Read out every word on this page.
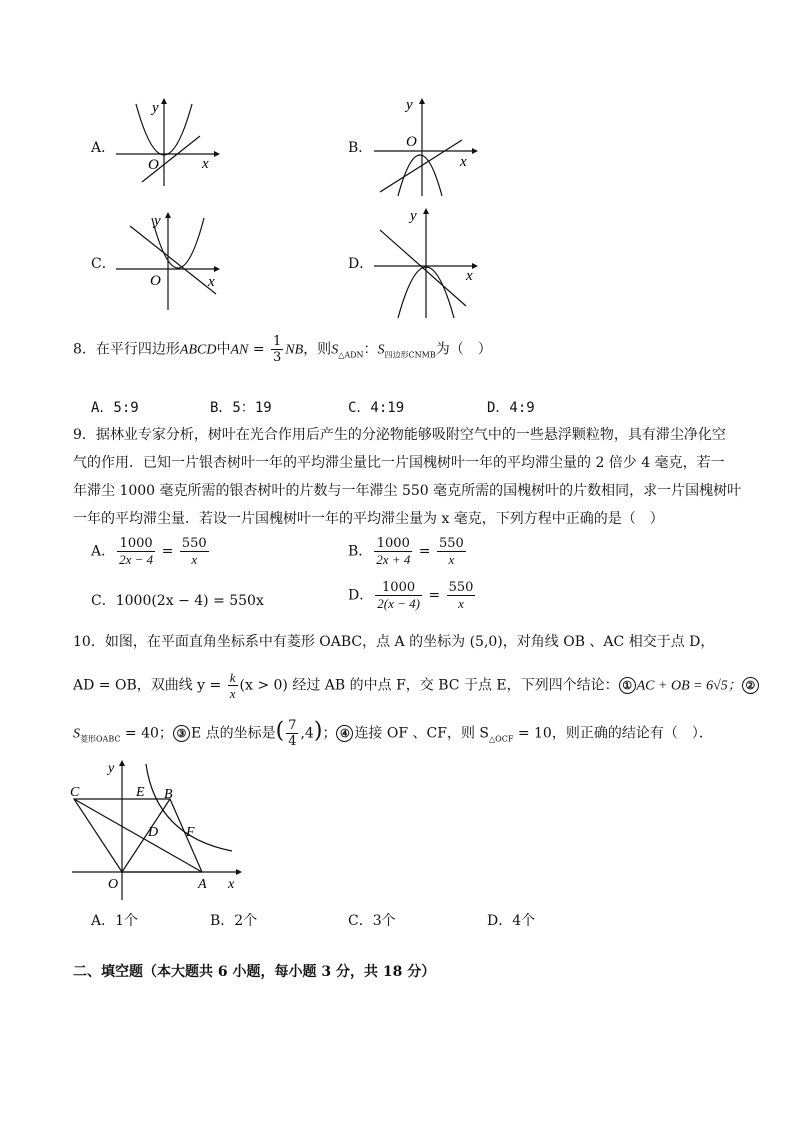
A．
y
x
O
B．
y
x
O
C．
y
x
O
D．
y
x
8．在平行四边形ABCD中AN = $\frac{1}{3}$ NB，则$S_{\triangle ADN}$：$S_{四边形CNMB}$为（　）
A．5:9	B．5：19	C．4:19	D．4:9
9．据林业专家分析，树叶在光合作用后产生的分泌物能够吸附空气中的一些悬浮颗粒物，具有滞尘净化空
气的作用．已知一片银杏树叶一年的平均滞尘量比一片国槐树叶一年的平均滞尘量的 2 倍少 4 毫克，若一
年滞尘 1000 毫克所需的银杏树叶的片数与一年滞尘 550 毫克所需的国槐树叶的片数相同，求一片国槐树叶
一年的平均滞尘量．若设一片国槐树叶一年的平均滞尘量为 x 毫克，下列方程中正确的是（　）
A． $\frac{1000}{2x - 4} = \frac{550}{x}$	B． $\frac{1000}{2x + 4} = \frac{550}{x}$
C．1000(2x − 4) = 550x	D． $\frac{1000}{2(x - 4)} = \frac{550}{x}$
10．如图，在平面直角坐标系中有菱形 OABC，点 A 的坐标为 (5,0)，对角线 OB 、AC 相交于点 D，
AD = OB，双曲线 $y = \frac{k}{x} (x > 0)$ 经过 AB 的中点 F，交 BC 于点 E，下列四个结论： ① AC + OB = 6√5； ②
$S_{菱形OABC} = 40$； ③ E 点的坐标是( $\frac{7}{4} ,4$)； ④ 连接 OF 、CF，则 $S_{\triangle OCF} = 10$，则正确的结论有（　）．
C	E B
D F
O	A x
y
A．1个	B．2个	C．3个	D．4个
二、填空题（本大题共 6 小题，每小题 3 分，共 18 分）
